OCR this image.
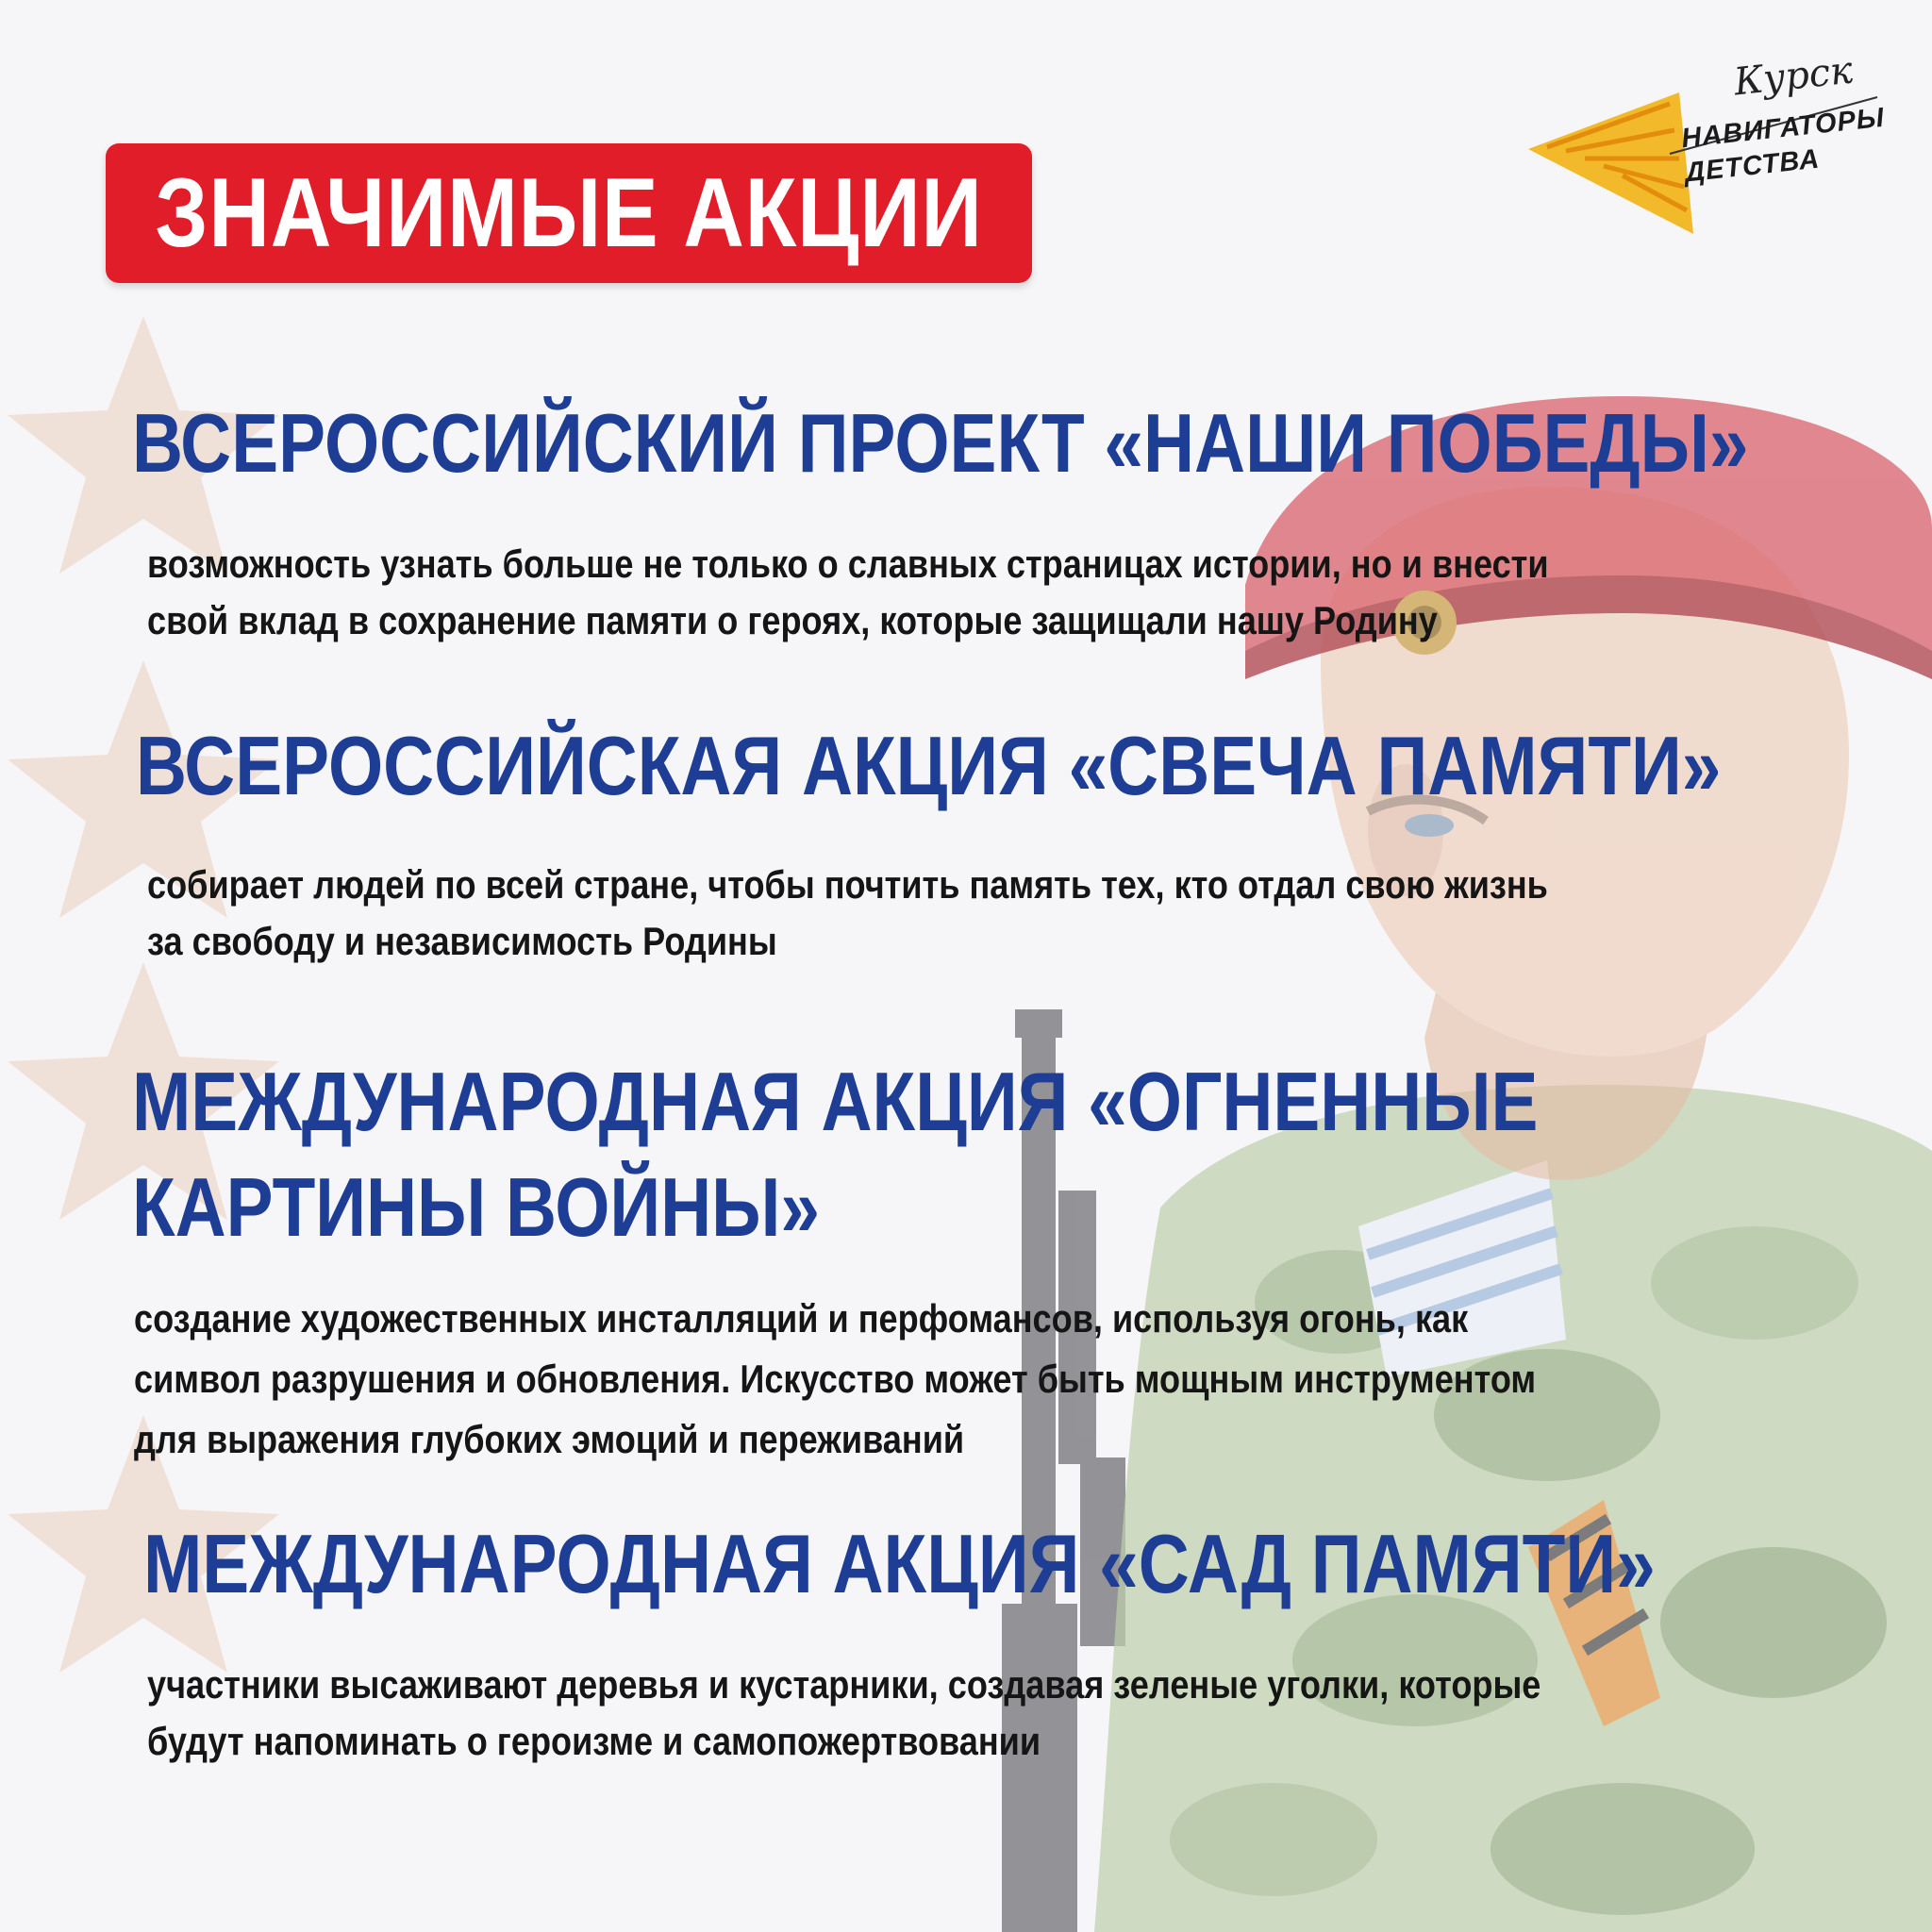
ЗНАЧИМЫЕ АКЦИИ
Курск
НАВИГАТОРЫ
ДЕТСТВА
ВСЕРОССИЙСКИЙ ПРОЕКТ «НАШИ ПОБЕДЫ»
возможность узнать больше не только о славных страницах истории, но и внести
свой вклад в сохранение памяти о героях, которые защищали нашу Родину
ВСЕРОССИЙСКАЯ АКЦИЯ «СВЕЧА ПАМЯТИ»
собирает людей по всей стране, чтобы почтить память тех, кто отдал свою жизнь
за свободу и независимость Родины
МЕЖДУНАРОДНАЯ АКЦИЯ «ОГНЕННЫЕ
КАРТИНЫ ВОЙНЫ»
создание художественных инсталляций и перфомансов, используя огонь, как
символ разрушения и обновления. Искусство может быть мощным инструментом
для выражения глубоких эмоций и переживаний
МЕЖДУНАРОДНАЯ АКЦИЯ «САД ПАМЯТИ»
участники высаживают деревья и кустарники, создавая зеленые уголки, которые
будут напоминать о героизме и самопожертвовании
